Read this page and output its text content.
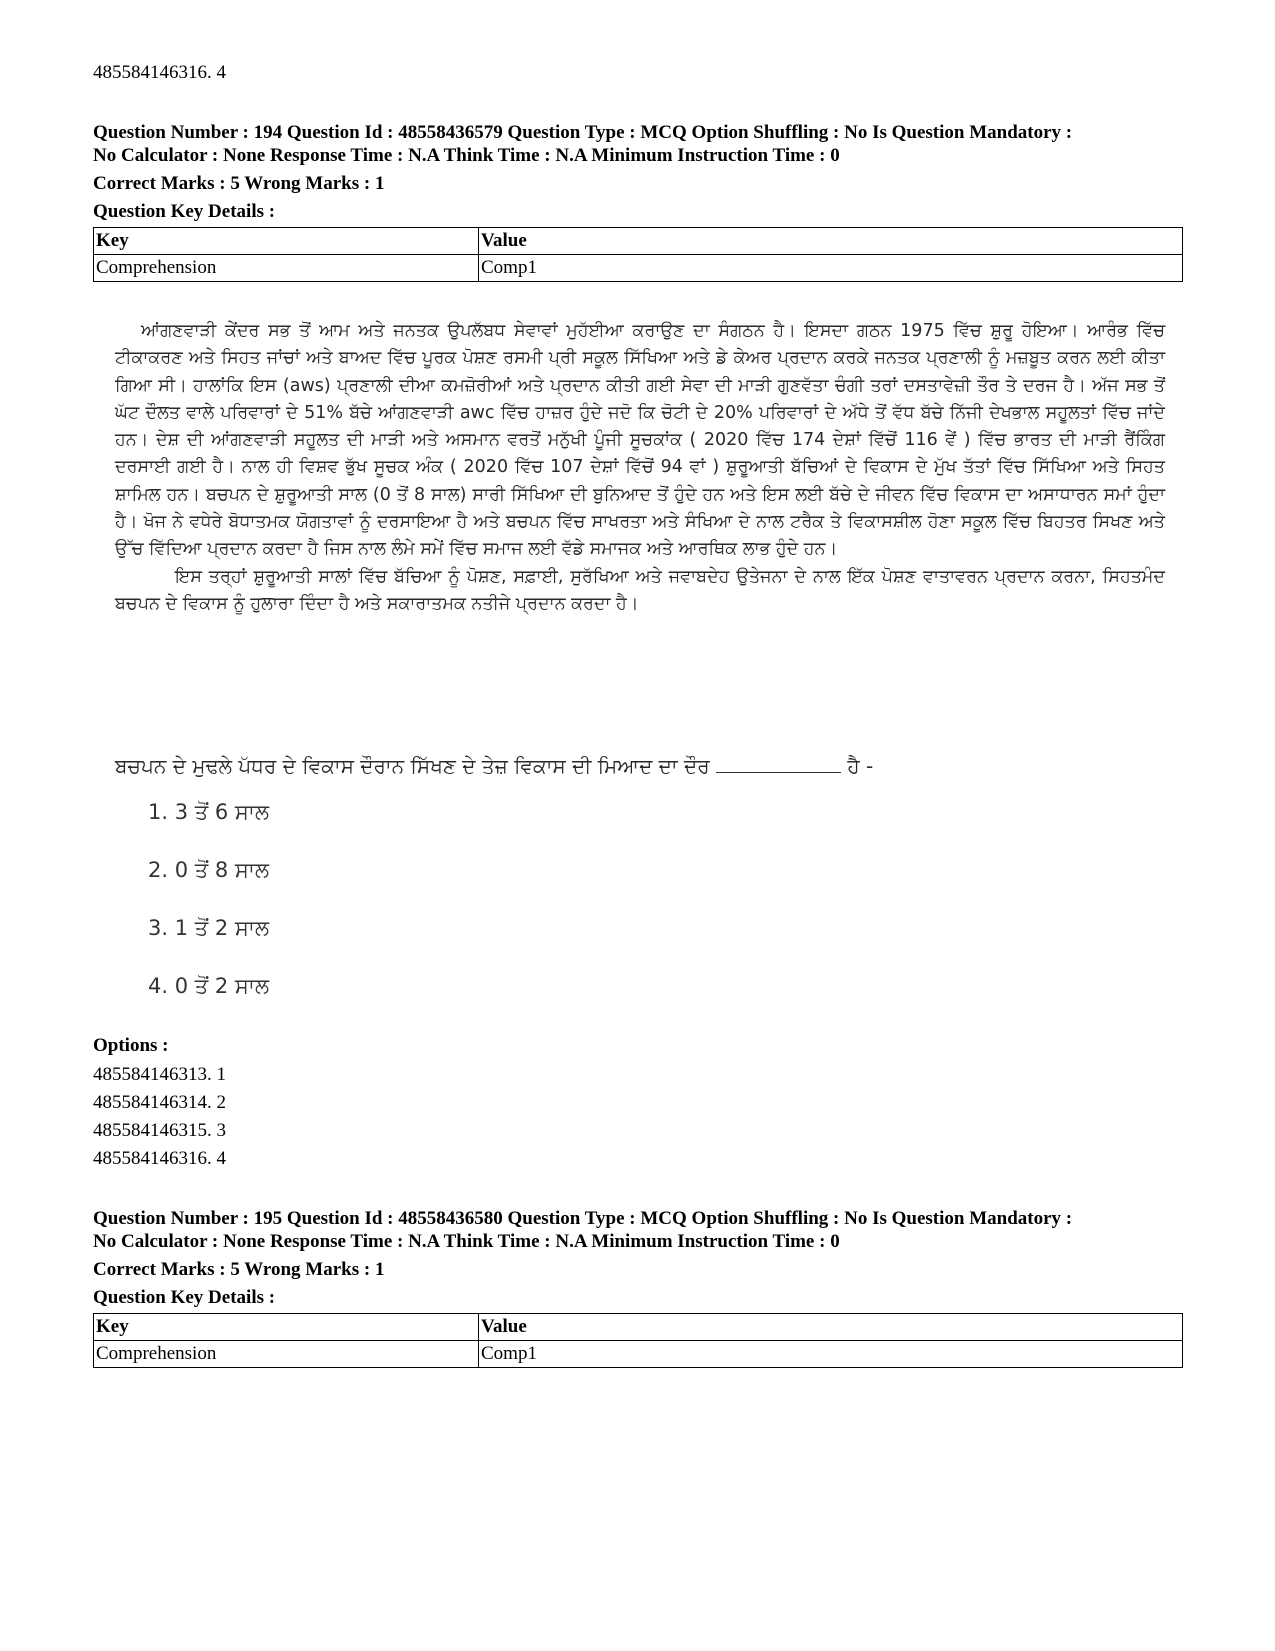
485584146316. 4

Question Number : 194 Question Id : 48558436579 Question Type : MCQ Option Shuffling : No Is Question Mandatory :

No Calculator : None Response Time : N.A Think Time : N.A Minimum Instruction Time : 0

Correct Marks : 5 Wrong Marks : 1
Question Key Details :
Key	Value
Comprehension	Comp1

ਆਂਗਣਵਾੜੀ ਕੇਂਦਰ ਸਭ ਤੋਂ ਆਮ ਅਤੇ ਜਨਤਕ ਉਪਲੱਬਧ ਸੇਵਾਵਾਂ ਮੁਹੱਈਆ ਕਰਾਉਣ ਦਾ ਸੰਗਠਨ ਹੈ। ਇਸਦਾ ਗਠਨ 1975 ਵਿੱਚ ਸ਼ੁਰੂ ਹੋਇਆ। ਆਰੰਭ ਵਿੱਚ ਟੀਕਾਕਰਣ ਅਤੇ ਸਿਹਤ ਜਾਂਚਾਂ ਅਤੇ ਬਾਅਦ ਵਿੱਚ ਪੂਰਕ ਪੋਸ਼ਣ ਰਸਮੀ ਪ੍ਰੀ ਸਕੂਲ ਸਿੱਖਿਆ ਅਤੇ ਡੇ ਕੇਅਰ ਪ੍ਰਦਾਨ ਕਰਕੇ ਜਨਤਕ ਪ੍ਰਣਾਲੀ ਨੂੰ ਮਜ਼ਬੂਤ ਕਰਨ ਲਈ ਕੀਤਾ ਗਿਆ ਸੀ। ਹਾਲਾਂਕਿ ਇਸ (aws) ਪ੍ਰਣਾਲੀ ਦੀਆ ਕਮਜ਼ੋਰੀਆਂ ਅਤੇ ਪ੍ਰਦਾਨ ਕੀਤੀ ਗਈ ਸੇਵਾ ਦੀ ਮਾੜੀ ਗੁਣਵੱਤਾ ਚੰਗੀ ਤਰਾਂ ਦਸਤਾਵੇਜ਼ੀ ਤੌਰ ਤੇ ਦਰਜ ਹੈ। ਅੱਜ ਸਭ ਤੋਂ ਘੱਟ ਦੌਲਤ ਵਾਲੇ ਪਰਿਵਾਰਾਂ ਦੇ 51% ਬੱਚੇ ਆਂਗਣਵਾੜੀ awc ਵਿੱਚ ਹਾਜ਼ਰ ਹੁੰਦੇ ਜਦੋ ਕਿ ਚੋਟੀ ਦੇ 20% ਪਰਿਵਾਰਾਂ ਦੇ ਅੱਧੇ ਤੋਂ ਵੱਧ ਬੱਚੇ ਨਿੱਜੀ ਦੇਖਭਾਲ ਸਹੂਲਤਾਂ ਵਿੱਚ ਜਾਂਦੇ ਹਨ। ਦੇਸ਼ ਦੀ ਆਂਗਣਵਾੜੀ ਸਹੂਲਤ ਦੀ ਮਾੜੀ ਅਤੇ ਅਸਮਾਨ ਵਰਤੋਂ ਮਨੁੱਖੀ ਪੂੰਜੀ ਸੂਚਕਾਂਕ ( 2020 ਵਿੱਚ 174 ਦੇਸ਼ਾਂ ਵਿੱਚੋਂ 116 ਵੇਂ ) ਵਿੱਚ ਭਾਰਤ ਦੀ ਮਾੜੀ ਰੈਂਕਿੰਗ ਦਰਸਾਈ ਗਈ ਹੈ। ਨਾਲ ਹੀ ਵਿਸ਼ਵ ਭੁੱਖ ਸੂਚਕ ਅੰਕ ( 2020 ਵਿੱਚ 107 ਦੇਸ਼ਾਂ ਵਿੱਚੋਂ 94 ਵਾਂ ) ਸ਼ੁਰੂਆਤੀ ਬੱਚਿਆਂ ਦੇ ਵਿਕਾਸ ਦੇ ਮੁੱਖ ਤੱਤਾਂ ਵਿੱਚ ਸਿੱਖਿਆ ਅਤੇ ਸਿਹਤ ਸ਼ਾਮਿਲ ਹਨ। ਬਚਪਨ ਦੇ ਸ਼ੁਰੂਆਤੀ ਸਾਲ (0 ਤੋਂ 8 ਸਾਲ) ਸਾਰੀ ਸਿੱਖਿਆ ਦੀ ਬੁਨਿਆਦ ਤੋਂ ਹੁੰਦੇ ਹਨ ਅਤੇ ਇਸ ਲਈ ਬੱਚੇ ਦੇ ਜੀਵਨ ਵਿੱਚ ਵਿਕਾਸ ਦਾ ਅਸਾਧਾਰਨ ਸਮਾਂ ਹੁੰਦਾ ਹੈ। ਖੋਜ ਨੇ ਵਧੇਰੇ ਬੋਧਾਤਮਕ ਯੋਗਤਾਵਾਂ ਨੂੰ ਦਰਸਾਇਆ ਹੈ ਅਤੇ ਬਚਪਨ ਵਿੱਚ ਸਾਖਰਤਾ ਅਤੇ ਸੰਖਿਆ ਦੇ ਨਾਲ ਟਰੈਕ ਤੇ ਵਿਕਾਸਸ਼ੀਲ ਹੋਣਾ ਸਕੂਲ ਵਿੱਚ ਬਿਹਤਰ ਸਿਖਣ ਅਤੇ ਉੱਚ ਵਿੱਦਿਆ ਪ੍ਰਦਾਨ ਕਰਦਾ ਹੈ ਜਿਸ ਨਾਲ ਲੰਮੇ ਸਮੇਂ ਵਿੱਚ ਸਮਾਜ ਲਈ ਵੱਡੇ ਸਮਾਜਕ ਅਤੇ ਆਰਥਿਕ ਲਾਭ ਹੁੰਦੇ ਹਨ।

ਇਸ ਤਰ੍ਹਾਂ ਸ਼ੁਰੂਆਤੀ ਸਾਲਾਂ ਵਿੱਚ ਬੱਚਿਆ ਨੂੰ ਪੋਸ਼ਣ, ਸਫ਼ਾਈ, ਸੁਰੱਖਿਆ ਅਤੇ ਜਵਾਬਦੇਹ ਉਤੇਜਨਾ ਦੇ ਨਾਲ ਇੱਕ ਪੋਸ਼ਣ ਵਾਤਾਵਰਨ ਪ੍ਰਦਾਨ ਕਰਨਾ, ਸਿਹਤਮੰਦ ਬਚਪਨ ਦੇ ਵਿਕਾਸ ਨੂੰ ਹੁਲਾਰਾ ਦਿੰਦਾ ਹੈ ਅਤੇ ਸਕਾਰਾਤਮਕ ਨਤੀਜੇ ਪ੍ਰਦਾਨ ਕਰਦਾ ਹੈ।

ਬਚਪਨ ਦੇ ਮੁਢਲੇ ਪੱਧਰ ਦੇ ਵਿਕਾਸ ਦੌਰਾਨ ਸਿੱਖਣ ਦੇ ਤੇਜ਼ ਵਿਕਾਸ ਦੀ ਮਿਆਦ ਦਾ ਦੌਰ	ਹੈ -
1. 3 ਤੋਂ 6 ਸਾਲ
2. 0 ਤੋਂ 8 ਸਾਲ
3. 1 ਤੋਂ 2 ਸਾਲ
4. 0 ਤੋਂ 2 ਸਾਲ
Options :
485584146313. 1
485584146314. 2
485584146315. 3
485584146316. 4

Question Number : 195 Question Id : 48558436580 Question Type : MCQ Option Shuffling : No Is Question Mandatory :

No Calculator : None Response Time : N.A Think Time : N.A Minimum Instruction Time : 0

Correct Marks : 5 Wrong Marks : 1
Question Key Details :
Key	Value
Comprehension	Comp1
